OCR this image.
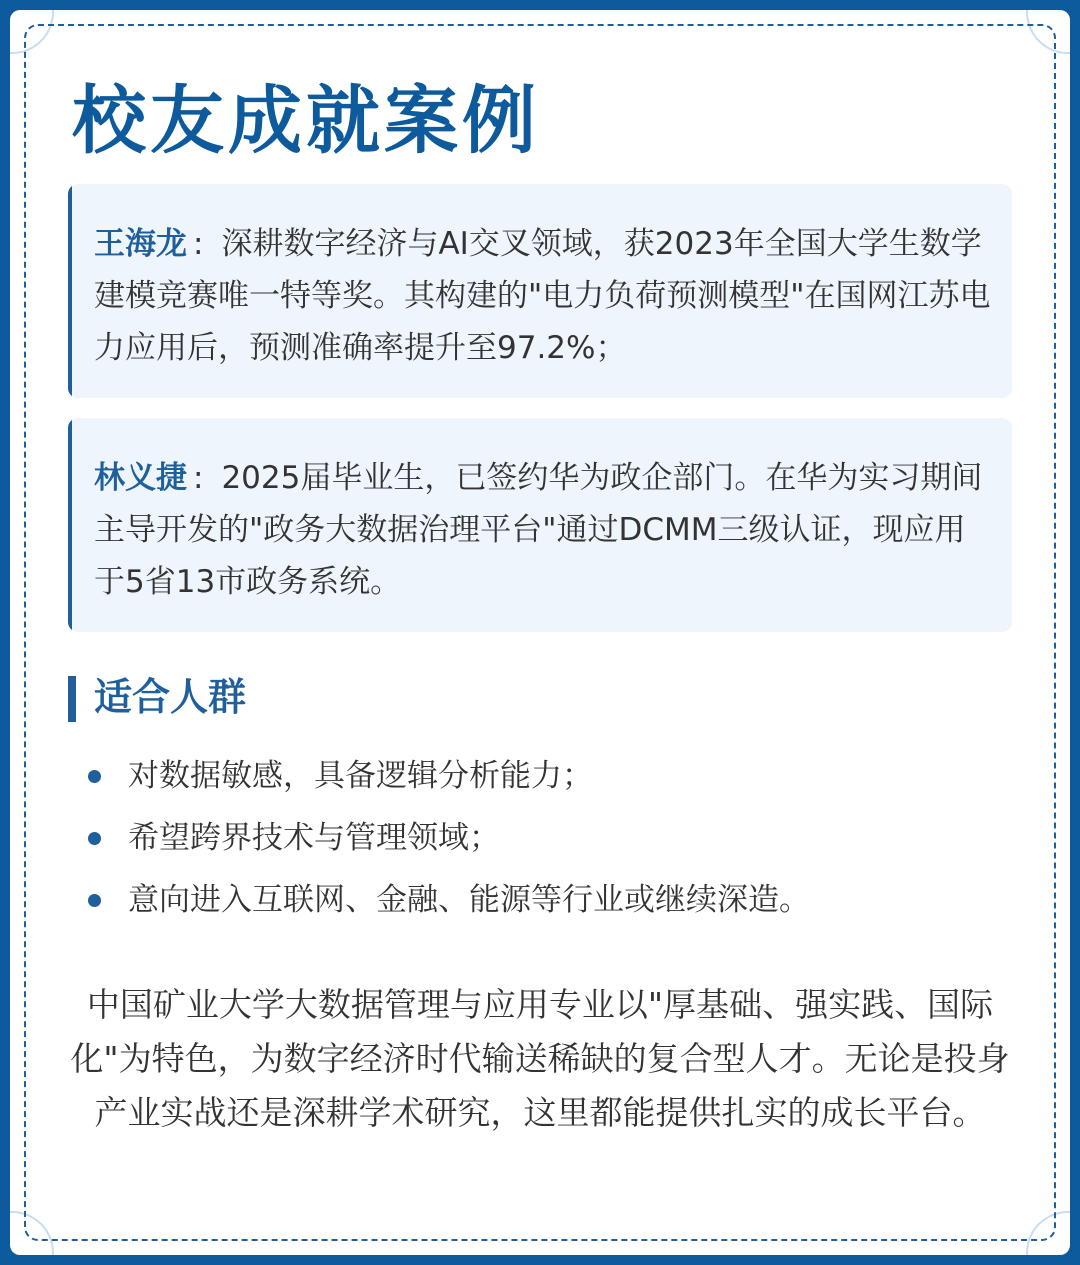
校友成就案例
王海龙 : 深耕数字经济与AI交叉领域，获2023年全国大学生数学建模竞赛唯一特等奖。其构建的"电力负荷预测模型"在国网江苏电力应用后，预测准确率提升至97.2%；
林义捷 : 2025届毕业生，已签约华为政企部门。在华为实习期间主导开发的"政务大数据治理平台"通过DCMM三级认证，现应用于5省13市政务系统。
适合人群
对数据敏感，具备逻辑分析能力；
希望跨界技术与管理领域；
意向进入互联网、金融、能源等行业或继续深造。
中国矿业大学大数据管理与应用专业以"厚基础、强实践、国际化"为特色，为数字经济时代输送稀缺的复合型人才。无论是投身产业实战还是深耕学术研究，这里都能提供扎实的成长平台。
